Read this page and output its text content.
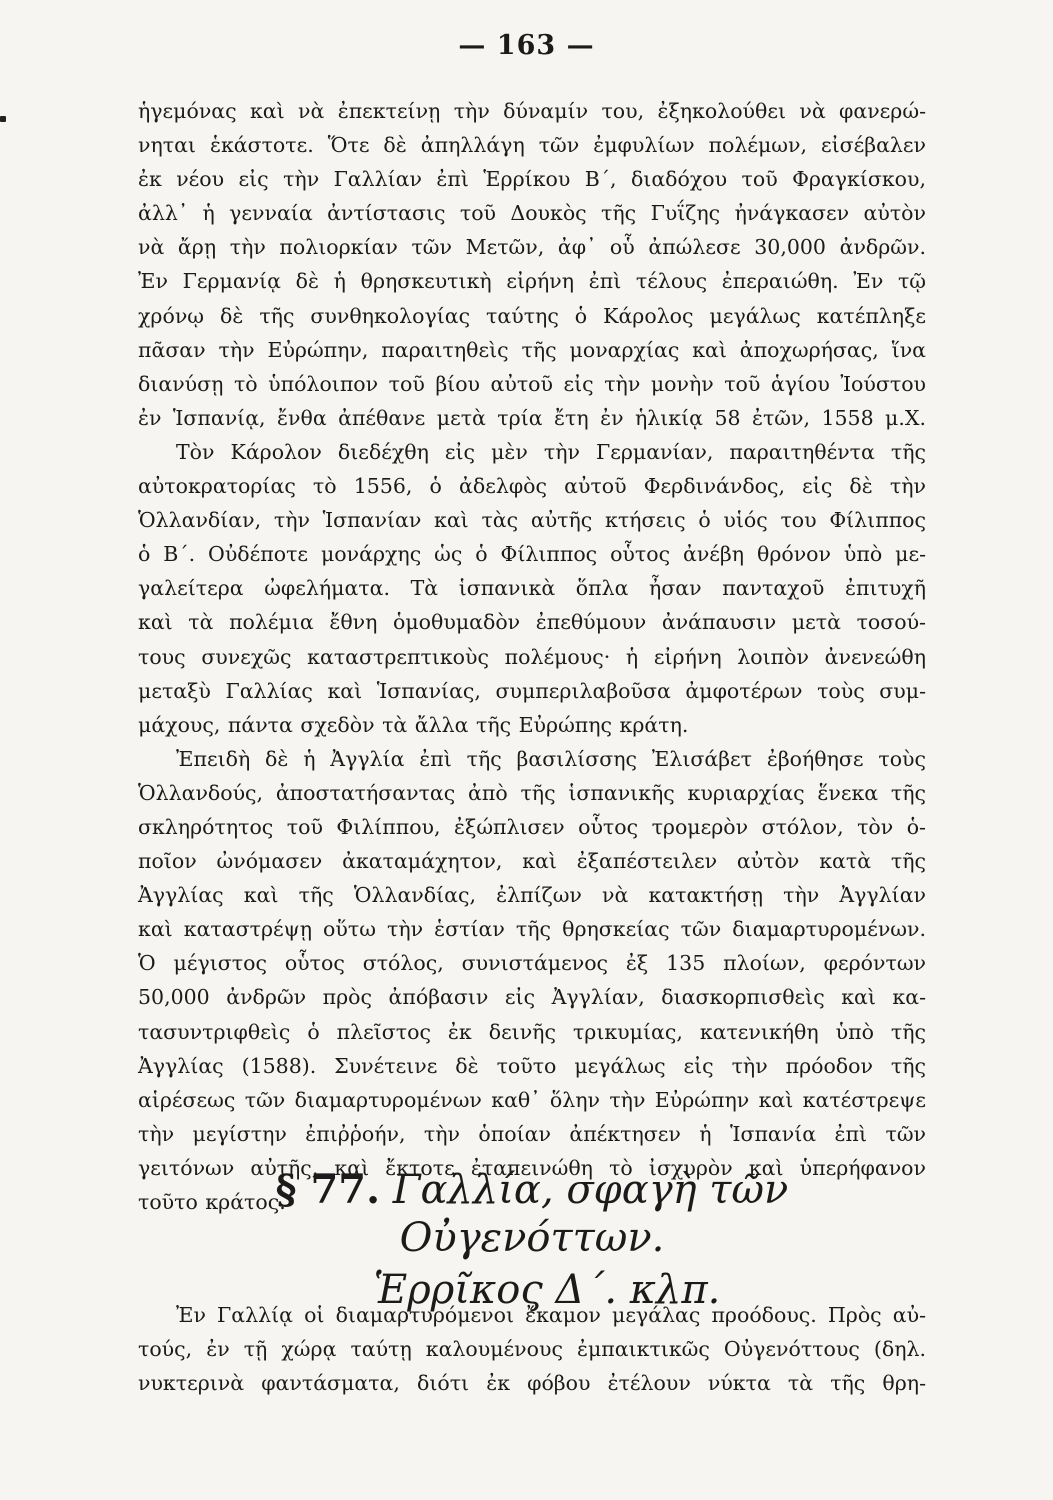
— 163 —

ἡγεμόνας καὶ νὰ ἐπεκτείνῃ τὴν δύναμίν του, ἐξηκολούθει νὰ φανερώ-

νηται ἑκάστοτε. Ὅτε δὲ ἀπηλλάγη τῶν ἐμφυλίων πολέμων, εἰσέβαλεν

ἐκ νέου εἰς τὴν Γαλλίαν ἐπὶ Ἑρρίκου Β΄, διαδόχου τοῦ Φραγκίσκου,

ἀλλ᾽ ἡ γενναία ἀντίστασις τοῦ Δουκὸς τῆς Γυΐζης ἠνάγκασεν αὐτὸν

νὰ ἄρῃ τὴν πολιορκίαν τῶν Μετῶν, ἀφ᾽ οὗ ἀπώλεσε 30,000 ἀνδρῶν.

Ἐν Γερμανίᾳ δὲ ἡ θρησκευτικὴ εἰρήνη ἐπὶ τέλους ἐπεραιώθη. Ἐν τῷ

χρόνῳ δὲ τῆς συνθηκολογίας ταύτης ὁ Κάρολος μεγάλως κατέπληξε

πᾶσαν τὴν Εὐρώπην, παραιτηθεὶς τῆς μοναρχίας καὶ ἀποχωρήσας, ἵνα

διανύσῃ τὸ ὑπόλοιπον τοῦ βίου αὐτοῦ εἰς τὴν μονὴν τοῦ ἁγίου Ἰούστου

ἐν Ἱσπανίᾳ, ἔνθα ἀπέθανε μετὰ τρία ἔτη ἐν ἡλικίᾳ 58 ἐτῶν, 1558 μ.Χ.

Τὸν Κάρολον διεδέχθη εἰς μὲν τὴν Γερμανίαν, παραιτηθέντα τῆς

αὐτοκρατορίας τὸ 1556, ὁ ἀδελφὸς αὐτοῦ Φερδινάνδος, εἰς δὲ τὴν

Ὁλλανδίαν, τὴν Ἱσπανίαν καὶ τὰς αὐτῆς κτήσεις ὁ υἱός του Φίλιππος

ὁ Β΄. Οὐδέποτε μονάρχης ὡς ὁ Φίλιππος οὗτος ἀνέβη θρόνον ὑπὸ με-

γαλείτερα ὠφελήματα. Τὰ ἱσπανικὰ ὅπλα ἦσαν πανταχοῦ ἐπιτυχῆ

καὶ τὰ πολέμια ἔθνη ὁμοθυμαδὸν ἐπεθύμουν ἀνάπαυσιν μετὰ τοσού-

τους συνεχῶς καταστρεπτικοὺς πολέμους· ἡ εἰρήνη λοιπὸν ἀνενεώθη

μεταξὺ Γαλλίας καὶ Ἱσπανίας, συμπεριλαβοῦσα ἀμφοτέρων τοὺς συμ-

μάχους, πάντα σχεδὸν τὰ ἄλλα τῆς Εὐρώπης κράτη.

Ἐπειδὴ δὲ ἡ Ἀγγλία ἐπὶ τῆς βασιλίσσης Ἐλισάβετ ἐβοήθησε τοὺς

Ὁλλανδούς, ἀποστατήσαντας ἀπὸ τῆς ἱσπανικῆς κυριαρχίας ἕνεκα τῆς

σκληρότητος τοῦ Φιλίππου, ἐξώπλισεν οὗτος τρομερὸν στόλον, τὸν ὁ-

ποῖον ὠνόμασεν ἀκαταμάχητον, καὶ ἐξαπέστειλεν αὐτὸν κατὰ τῆς

Ἀγγλίας καὶ τῆς Ὁλλανδίας, ἐλπίζων νὰ κατακτήσῃ τὴν Ἀγγλίαν

καὶ καταστρέψῃ οὕτω τὴν ἑστίαν τῆς θρησκείας τῶν διαμαρτυρομένων.

Ὁ μέγιστος οὗτος στόλος, συνιστάμενος ἐξ 135 πλοίων, φερόντων

50,000 ἀνδρῶν πρὸς ἀπόβασιν εἰς Ἀγγλίαν, διασκορπισθεὶς καὶ κα-

τασυντριφθεὶς ὁ πλεῖστος ἐκ δεινῆς τρικυμίας, κατενικήθη ὑπὸ τῆς

Ἀγγλίας (1588). Συνέτεινε δὲ τοῦτο μεγάλως εἰς τὴν πρόοδον τῆς

αἱρέσεως τῶν διαμαρτυρομένων καθ᾽ ὅλην τὴν Εὐρώπην καὶ κατέστρεψε

τὴν μεγίστην ἐπιῤῥοήν, τὴν ὁποίαν ἀπέκτησεν ἡ Ἱσπανία ἐπὶ τῶν

γειτόνων αὐτῆς, καὶ ἔκτοτε ἐταπεινώθη τὸ ἰσχυρὸν καὶ ὑπερήφανον

τοῦτο κράτος.

§ 77. Γαλλία, σφαγὴ τῶν Οὐγενόττων.
Ἑρρῖκος Δ΄. κλπ.

Ἐν Γαλλίᾳ οἱ διαμαρτυρόμενοι ἔκαμον μεγάλας προόδους. Πρὸς αὐ-

τούς, ἐν τῇ χώρᾳ ταύτῃ καλουμένους ἐμπαικτικῶς Οὐγενόττους (δηλ.

νυκτερινὰ φαντάσματα, διότι ἐκ φόβου ἐτέλουν νύκτα τὰ τῆς θρη-
